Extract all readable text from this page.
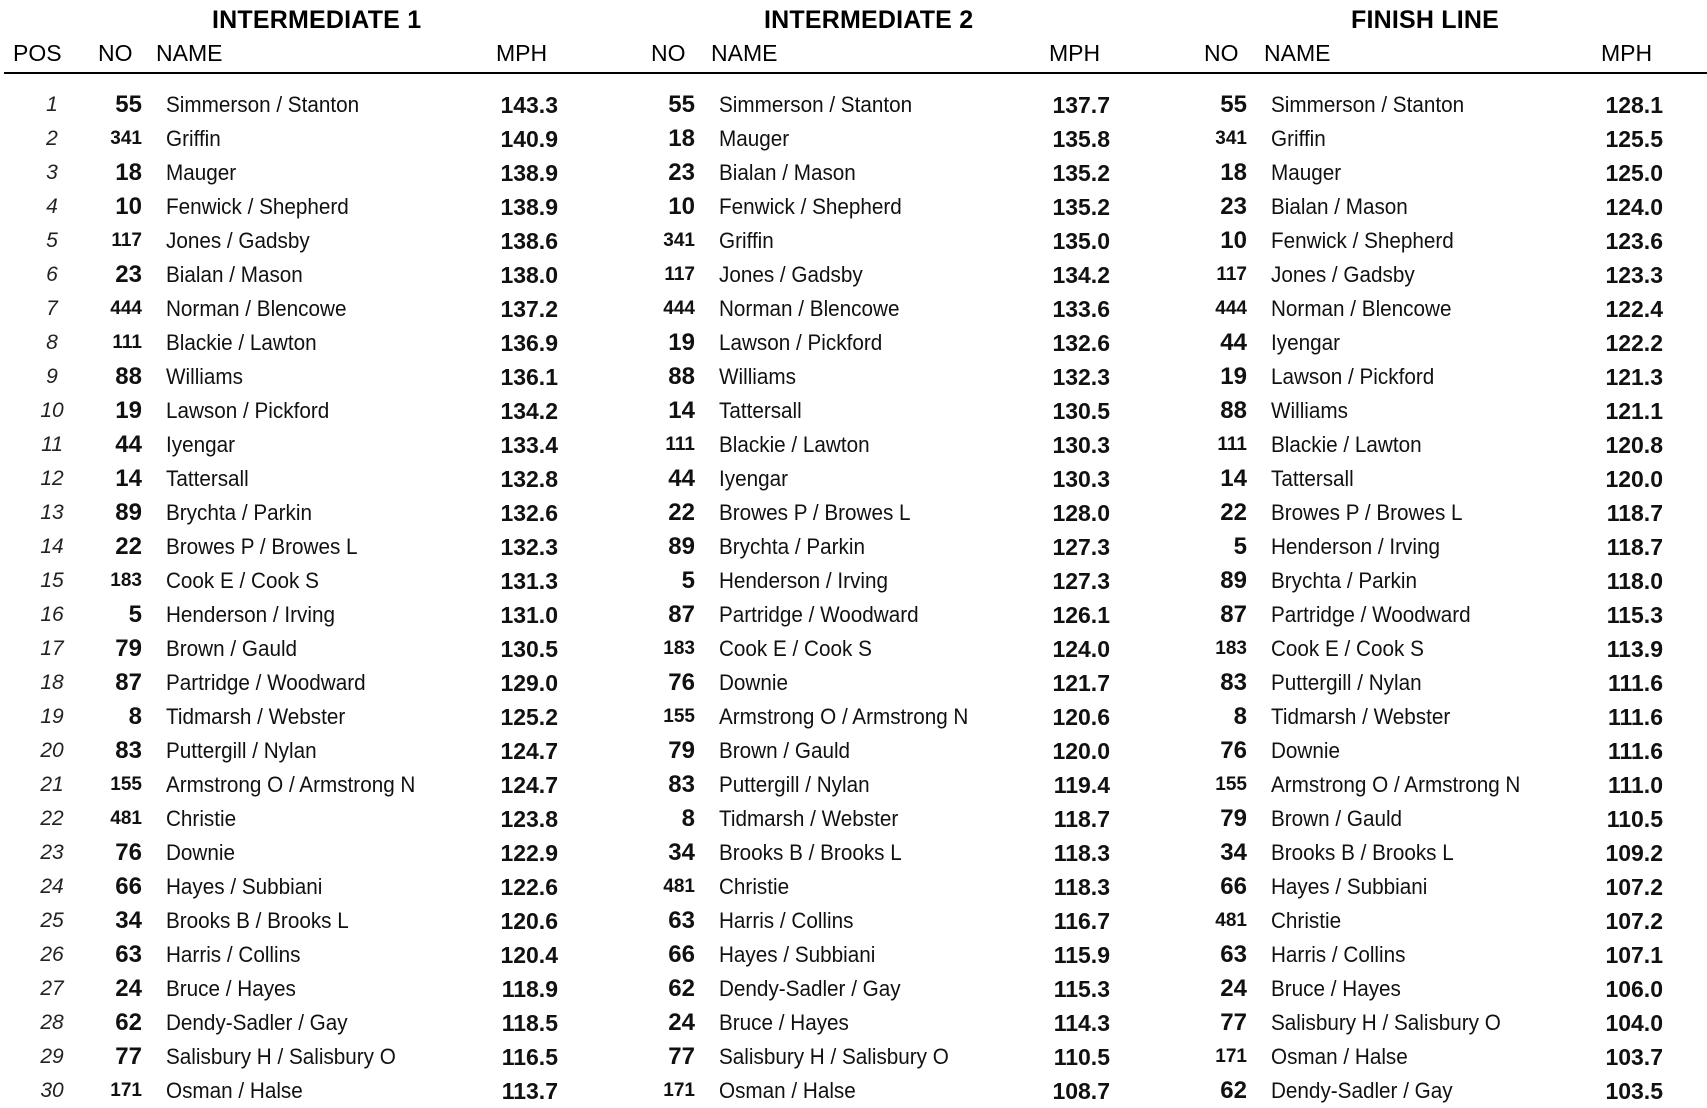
INTERMEDIATE 1	INTERMEDIATE 2	FINISH LINE
POS NO NAME	MPH	NO NAME	MPH	NO NAME	MPH
1	55 Simmerson / Stanton	143.3	55 Simmerson / Stanton	137.7	55 Simmerson / Stanton	128.1
2	341 Griffin	140.9	18 Mauger	135.8	341 Griffin	125.5
3	18 Mauger	138.9	23 Bialan / Mason	135.2	18 Mauger	125.0
4	10 Fenwick / Shepherd	138.9	10 Fenwick / Shepherd	135.2	23 Bialan / Mason	124.0
5	117 Jones / Gadsby	138.6	341 Griffin	135.0	10 Fenwick / Shepherd	123.6
6	23 Bialan / Mason	138.0	117 Jones / Gadsby	134.2	117 Jones / Gadsby	123.3
7	444 Norman / Blencowe	137.2	444 Norman / Blencowe	133.6	444 Norman / Blencowe	122.4
8	111 Blackie / Lawton	136.9	19 Lawson / Pickford	132.6	44 Iyengar	122.2
9	88 Williams	136.1	88 Williams	132.3	19 Lawson / Pickford	121.3
10	19 Lawson / Pickford	134.2	14 Tattersall	130.5	88 Williams	121.1
11	44 Iyengar	133.4	111 Blackie / Lawton	130.3	111 Blackie / Lawton	120.8
12	14 Tattersall	132.8	44 Iyengar	130.3	14 Tattersall	120.0
13	89 Brychta / Parkin	132.6	22 Browes P / Browes L	128.0	22 Browes P / Browes L	118.7
14	22 Browes P / Browes L	132.3	89 Brychta / Parkin	127.3	5 Henderson / Irving	118.7
15	183 Cook E / Cook S	131.3	5 Henderson / Irving	127.3	89 Brychta / Parkin	118.0
16	5 Henderson / Irving	131.0	87 Partridge / Woodward	126.1	87 Partridge / Woodward	115.3
17	79 Brown / Gauld	130.5	183 Cook E / Cook S	124.0	183 Cook E / Cook S	113.9
18	87 Partridge / Woodward	129.0	76 Downie	121.7	83 Puttergill / Nylan	111.6
19	8 Tidmarsh / Webster	125.2	155 Armstrong O / Armstrong N	120.6	8 Tidmarsh / Webster	111.6
20	83 Puttergill / Nylan	124.7	79 Brown / Gauld	120.0	76 Downie	111.6
21	155 Armstrong O / Armstrong N	124.7	83 Puttergill / Nylan	119.4	155 Armstrong O / Armstrong N	111.0
22	481 Christie	123.8	8 Tidmarsh / Webster	118.7	79 Brown / Gauld	110.5
23	76 Downie	122.9	34 Brooks B / Brooks L	118.3	34 Brooks B / Brooks L	109.2
24	66 Hayes / Subbiani	122.6	481 Christie	118.3	66 Hayes / Subbiani	107.2
25	34 Brooks B / Brooks L	120.6	63 Harris / Collins	116.7	481 Christie	107.2
26	63 Harris / Collins	120.4	66 Hayes / Subbiani	115.9	63 Harris / Collins	107.1
27	24 Bruce / Hayes	118.9	62 Dendy-Sadler / Gay	115.3	24 Bruce / Hayes	106.0
28	62 Dendy-Sadler / Gay	118.5	24 Bruce / Hayes	114.3	77 Salisbury H / Salisbury O	104.0
29	77 Salisbury H / Salisbury O	116.5	77 Salisbury H / Salisbury O	110.5	171 Osman / Halse	103.7
30	171 Osman / Halse	113.7	171 Osman / Halse	108.7	62 Dendy-Sadler / Gay	103.5
